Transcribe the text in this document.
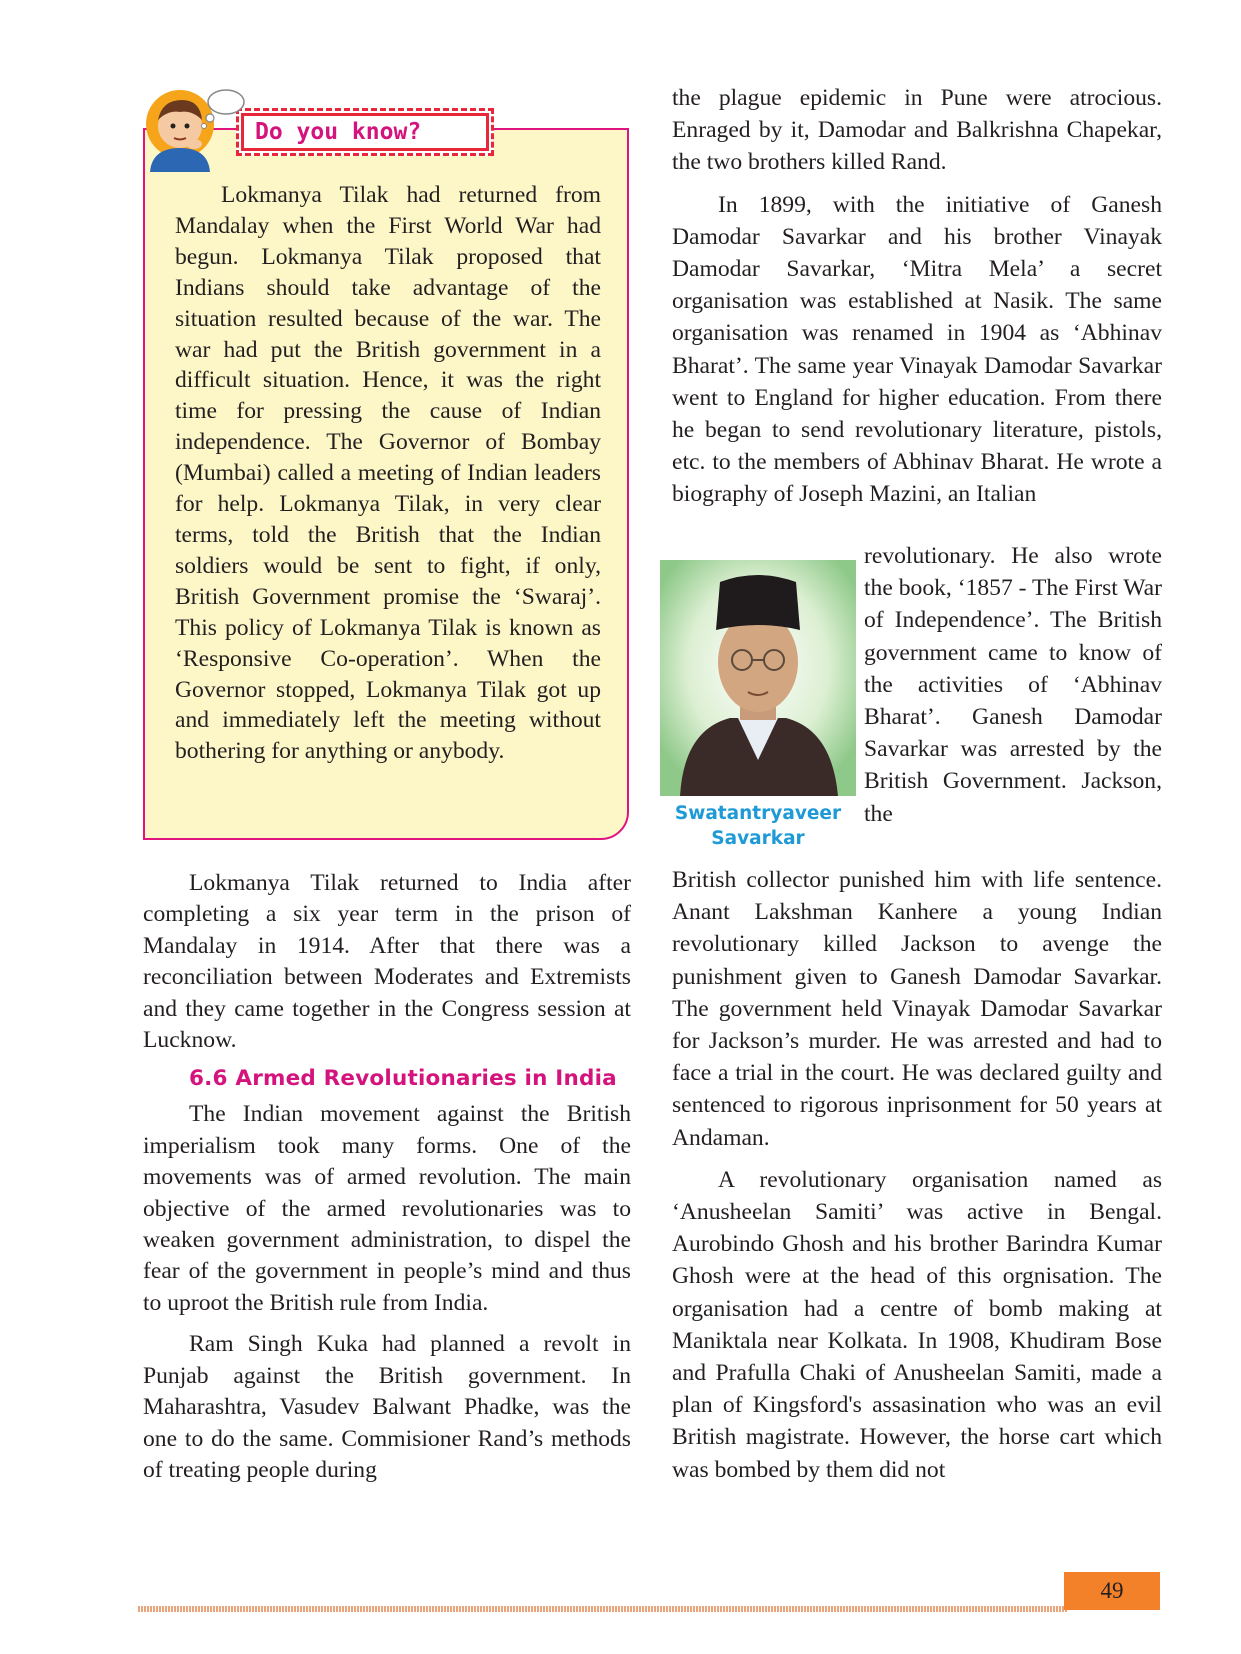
Lokmanya Tilak had returned from Mandalay when the First World War had begun. Lokmanya Tilak proposed that Indians should take advantage of the situation resulted because of the war. The war had put the British government in a difficult situation. Hence, it was the right time for pressing the cause of Indian independence. The Governor of Bombay (Mumbai) called a meeting of Indian leaders for help. Lokmanya Tilak, in very clear terms, told the British that the Indian soldiers would be sent to fight, if only, British Government promise the ‘Swaraj’. This policy of Lokmanya Tilak is known as ‘Responsive Co-operation’. When the Governor stopped, Lokmanya Tilak got up and immediately left the meeting without bothering for anything or anybody.

Do you know?

Lokmanya Tilak returned to India after completing a six year term in the prison of Mandalay in 1914. After that there was a reconciliation between Moderates and Extremists and they came together in the Congress session at Lucknow.

6.6 Armed Revolutionaries in India

The Indian movement against the British imperialism took many forms. One of the movements was of armed revolution. The main objective of the armed revolutionaries was to weaken government administration, to dispel the fear of the government in people’s mind and thus to uproot the British rule from India.

Ram Singh Kuka had planned a revolt in Punjab against the British government. In Maharashtra, Vasudev Balwant Phadke, was the one to do the same. Commisioner Rand’s methods of treating people during

the plague epidemic in Pune were atrocious. Enraged by it, Damodar and Balkrishna Chapekar, the two brothers killed Rand.

In 1899, with the initiative of Ganesh Damodar Savarkar and his brother Vinayak Damodar Savarkar, ‘Mitra Mela’ a secret organisation was established at Nasik. The same organisation was renamed in 1904 as ‘Abhinav Bharat’. The same year Vinayak Damodar Savarkar went to England for higher education. From there he began to send revolutionary literature, pistols, etc. to the members of Abhinav Bharat. He wrote a biography of Joseph Mazini, an Italian

revolutionary. He also wrote the book, ‘1857 - The First War of Independence’. The British government came to know of the activities of ‘Abhinav Bharat’. Ganesh Damodar Savarkar was arrested by the British Government. Jackson, the

British collector punished him with life sentence. Anant Lakshman Kanhere a young Indian revolutionary killed Jackson to avenge the punishment given to Ganesh Damodar Savarkar. The government held Vinayak Damodar Savarkar for Jackson’s murder. He was arrested and had to face a trial in the court. He was declared guilty and sentenced to rigorous inprisonment for 50 years at Andaman.

A revolutionary organisation named as ‘Anusheelan Samiti’ was active in Bengal. Aurobindo Ghosh and his brother Barindra Kumar Ghosh were at the head of this orgnisation. The organisation had a centre of bomb making at Maniktala near Kolkata. In 1908, Khudiram Bose and Prafulla Chaki of Anusheelan Samiti, made a plan of Kingsford's assasination who was an evil British magistrate. However, the horse cart which was bombed by them did not

Swatantryaveer
Savarkar
49
